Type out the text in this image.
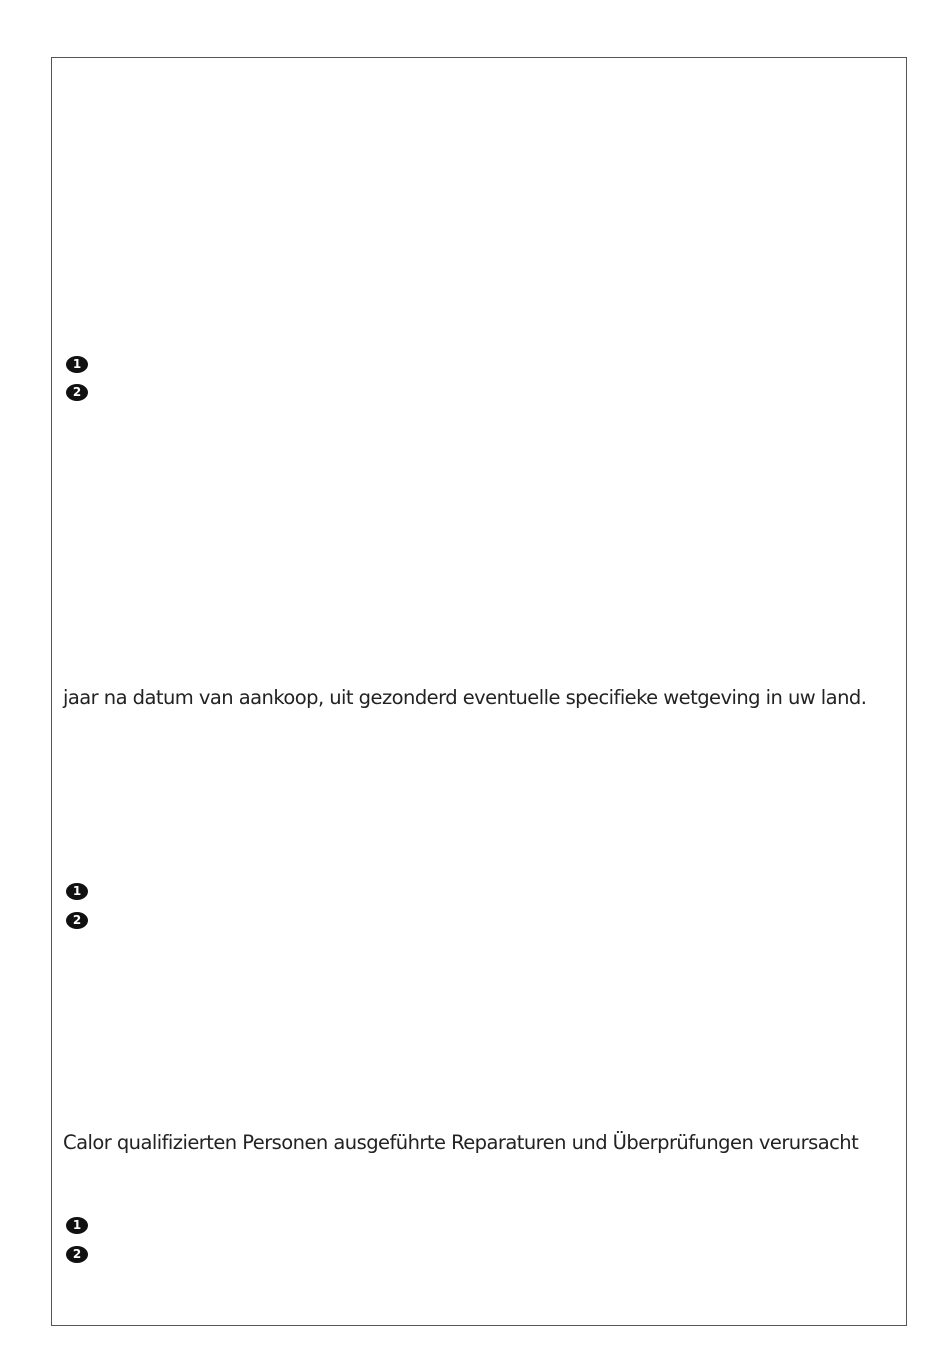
1
2
jaar na datum van aankoop, uit gezonderd eventuelle specifieke wetgeving in uw land.
1
2
Calor qualifizierten Personen ausgeführte Reparaturen und Überprüfungen verursacht
1
2
